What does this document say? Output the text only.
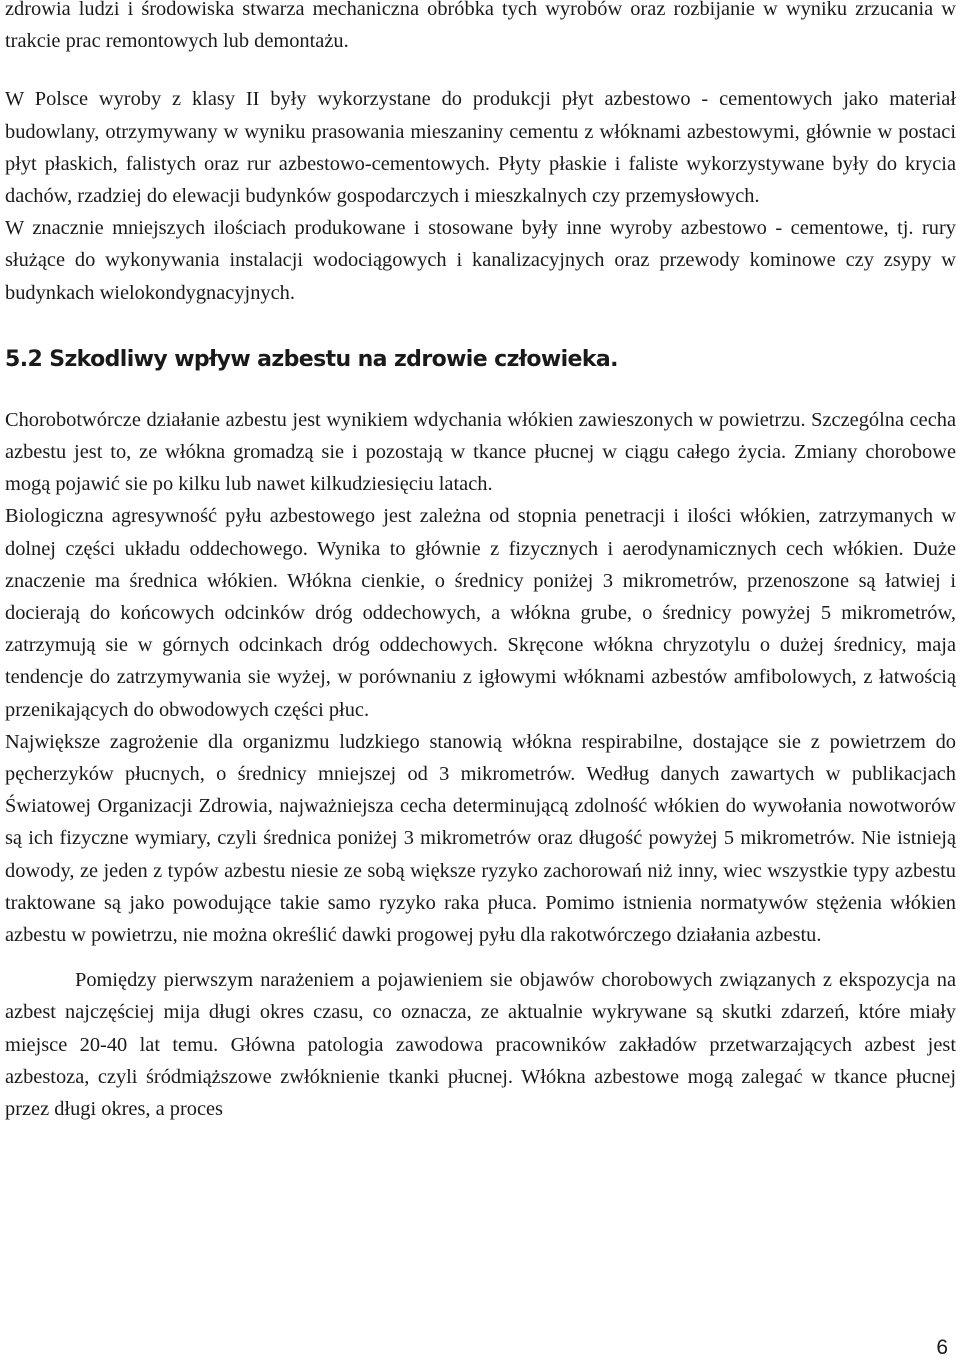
zdrowia ludzi i środowiska stwarza mechaniczna obróbka tych wyrobów oraz rozbijanie w wyniku zrzucania w trakcie prac remontowych lub demontażu.

W Polsce wyroby z klasy II były wykorzystane do produkcji płyt azbestowo - cementowych jako materiał budowlany, otrzymywany w wyniku prasowania mieszaniny cementu z włóknami azbestowymi, głównie w postaci płyt płaskich, falistych oraz rur azbestowo-cementowych. Płyty płaskie i faliste wykorzystywane były do krycia dachów, rzadziej do elewacji budynków gospodarczych i mieszkalnych czy przemysłowych.

W znacznie mniejszych ilościach produkowane i stosowane były inne wyroby azbestowo - cementowe, tj. rury służące do wykonywania instalacji wodociągowych i kanalizacyjnych oraz przewody kominowe czy zsypy w budynkach wielokondygnacyjnych.

5.2 Szkodliwy wpływ azbestu na zdrowie człowieka.

Chorobotwórcze działanie azbestu jest wynikiem wdychania włókien zawieszonych w powietrzu. Szczególna cecha azbestu jest to, ze włókna gromadzą sie i pozostają w tkance płucnej w ciągu całego życia. Zmiany chorobowe mogą pojawić sie po kilku lub nawet kilkudziesięciu latach.

Biologiczna agresywność pyłu azbestowego jest zależna od stopnia penetracji i ilości włókien, zatrzymanych w dolnej części układu oddechowego. Wynika to głównie z fizycznych i aerodynamicznych cech włókien. Duże znaczenie ma średnica włókien. Włókna cienkie, o średnicy poniżej 3 mikrometrów, przenoszone są łatwiej i docierają do końcowych odcinków dróg oddechowych, a włókna grube, o średnicy powyżej 5 mikrometrów, zatrzymują sie w górnych odcinkach dróg oddechowych. Skręcone włókna chryzotylu o dużej średnicy, maja tendencje do zatrzymywania sie wyżej, w porównaniu z igłowymi włóknami azbestów amfibolowych, z łatwością przenikających do obwodowych części płuc.

Największe zagrożenie dla organizmu ludzkiego stanowią włókna respirabilne, dostające sie z powietrzem do pęcherzyków płucnych, o średnicy mniejszej od 3 mikrometrów. Według danych zawartych w publikacjach Światowej Organizacji Zdrowia, najważniejsza cecha determinującą zdolność włókien do wywołania nowotworów są ich fizyczne wymiary, czyli średnica poniżej 3 mikrometrów oraz długość powyżej 5 mikrometrów. Nie istnieją dowody, ze jeden z typów azbestu niesie ze sobą większe ryzyko zachorowań niż inny, wiec wszystkie typy azbestu traktowane są jako powodujące takie samo ryzyko raka płuca. Pomimo istnienia normatywów stężenia włókien azbestu w powietrzu, nie można określić dawki progowej pyłu dla rakotwórczego działania azbestu.

Pomiędzy pierwszym narażeniem a pojawieniem sie objawów chorobowych związanych z ekspozycja na azbest najczęściej mija długi okres czasu, co oznacza, ze aktualnie wykrywane są skutki zdarzeń, które miały miejsce 20-40 lat temu. Główna patologia zawodowa pracowników zakładów przetwarzających azbest jest azbestoza, czyli śródmiąższowe zwłóknienie tkanki płucnej. Włókna azbestowe mogą zalegać w tkance płucnej przez długi okres, a proces

6
